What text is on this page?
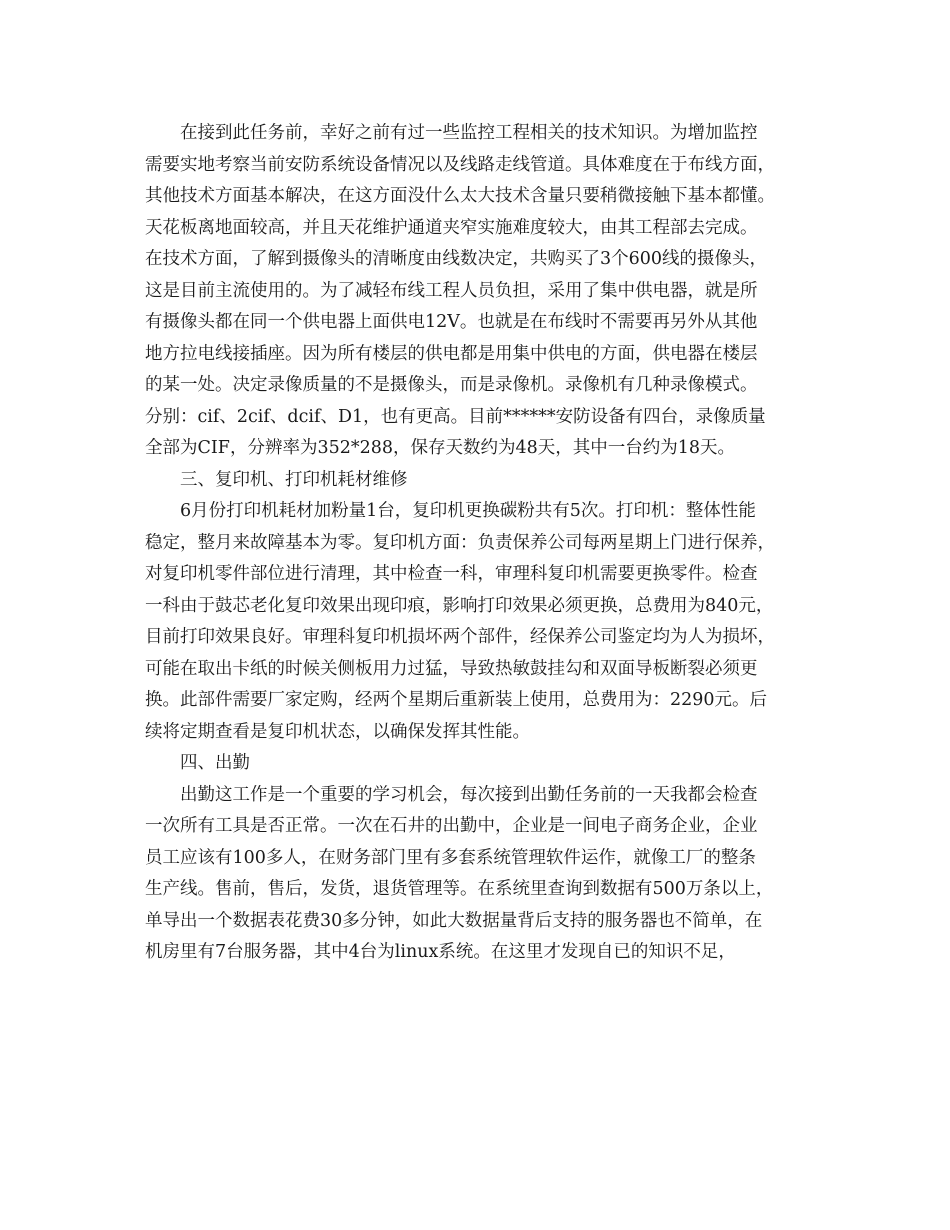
　　在接到此任务前，幸好之前有过一些监控工程相关的技术知识。为增加监控
需要实地考察当前安防系统设备情况以及线路走线管道。具体难度在于布线方面，
其他技术方面基本解决，在这方面没什么太大技术含量只要稍微接触下基本都懂。
天花板离地面较高，并且天花维护通道夹窄实施难度较大，由其工程部去完成。
在技术方面，了解到摄像头的清晰度由线数决定，共购买了3个600线的摄像头，
这是目前主流使用的。为了减轻布线工程人员负担，采用了集中供电器，就是所
有摄像头都在同一个供电器上面供电12V。也就是在布线时不需要再另外从其他
地方拉电线接插座。因为所有楼层的供电都是用集中供电的方面，供电器在楼层
的某一处。决定录像质量的不是摄像头，而是录像机。录像机有几种录像模式。
分别：cif、2cif、dcif、D1，也有更高。目前******安防设备有四台，录像质量
全部为CIF，分辨率为352*288，保存天数约为48天，其中一台约为18天。
　　三、复印机、打印机耗材维修
　　6月份打印机耗材加粉量1台，复印机更换碳粉共有5次。打印机：整体性能
稳定，整月来故障基本为零。复印机方面：负责保养公司每两星期上门进行保养，
对复印机零件部位进行清理，其中检查一科，审理科复印机需要更换零件。检查
一科由于鼓芯老化复印效果出现印痕，影响打印效果必须更换，总费用为840元，
目前打印效果良好。审理科复印机损坏两个部件，经保养公司鉴定均为人为损坏，
可能在取出卡纸的时候关侧板用力过猛，导致热敏鼓挂勾和双面导板断裂必须更
换。此部件需要厂家定购，经两个星期后重新装上使用，总费用为：2290元。后
续将定期查看是复印机状态，以确保发挥其性能。
　　四、出勤
　　出勤这工作是一个重要的学习机会，每次接到出勤任务前的一天我都会检查
一次所有工具是否正常。一次在石井的出勤中，企业是一间电子商务企业，企业
员工应该有100多人，在财务部门里有多套系统管理软件运作，就像工厂的整条
生产线。售前，售后，发货，退货管理等。在系统里查询到数据有500万条以上，
单导出一个数据表花费30多分钟，如此大数据量背后支持的服务器也不简单，在
机房里有7台服务器，其中4台为linux系统。在这里才发现自已的知识不足，
